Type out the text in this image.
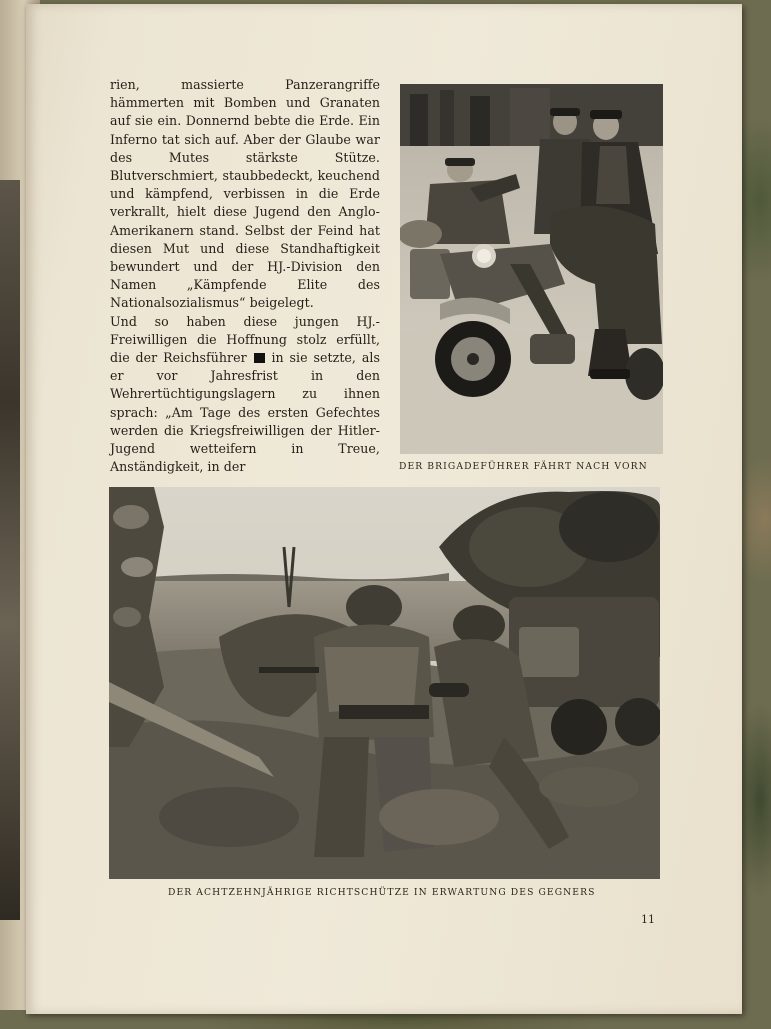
rien, massierte Panzerangriffe hämmerten mit Bomben und Granaten auf sie ein. Donnernd bebte die Erde. Ein Inferno tat sich auf. Aber der Glaube war des Mutes stärkste Stütze. Blutverschmiert, staubbedeckt, keuchend und kämpfend, verbissen in die Erde verkrallt, hielt diese Jugend den Anglo-Amerikanern stand. Selbst der Feind hat diesen Mut und diese Standhaftigkeit bewundert und der HJ.-Division den Namen „Kämpfende Elite des Nationalsozialismus“ beigelegt.

Und so haben diese jungen HJ.-Freiwilligen die Hoffnung stolz erfüllt, die der Reichsführer in sie setzte, als er vor Jahresfrist in den Wehrertüchtigungslagern zu ihnen sprach: „Am Tage des ersten Gefechtes werden die Kriegsfreiwilligen der Hitler-Jugend wetteifern in Treue, Anständigkeit, in der	DER BRIGADEFÜHRER FÄHRT NACH VORN
DER ACHTZEHNJÄHRIGE RICHTSCHÜTZE IN ERWARTUNG DES GEGNERS
11
